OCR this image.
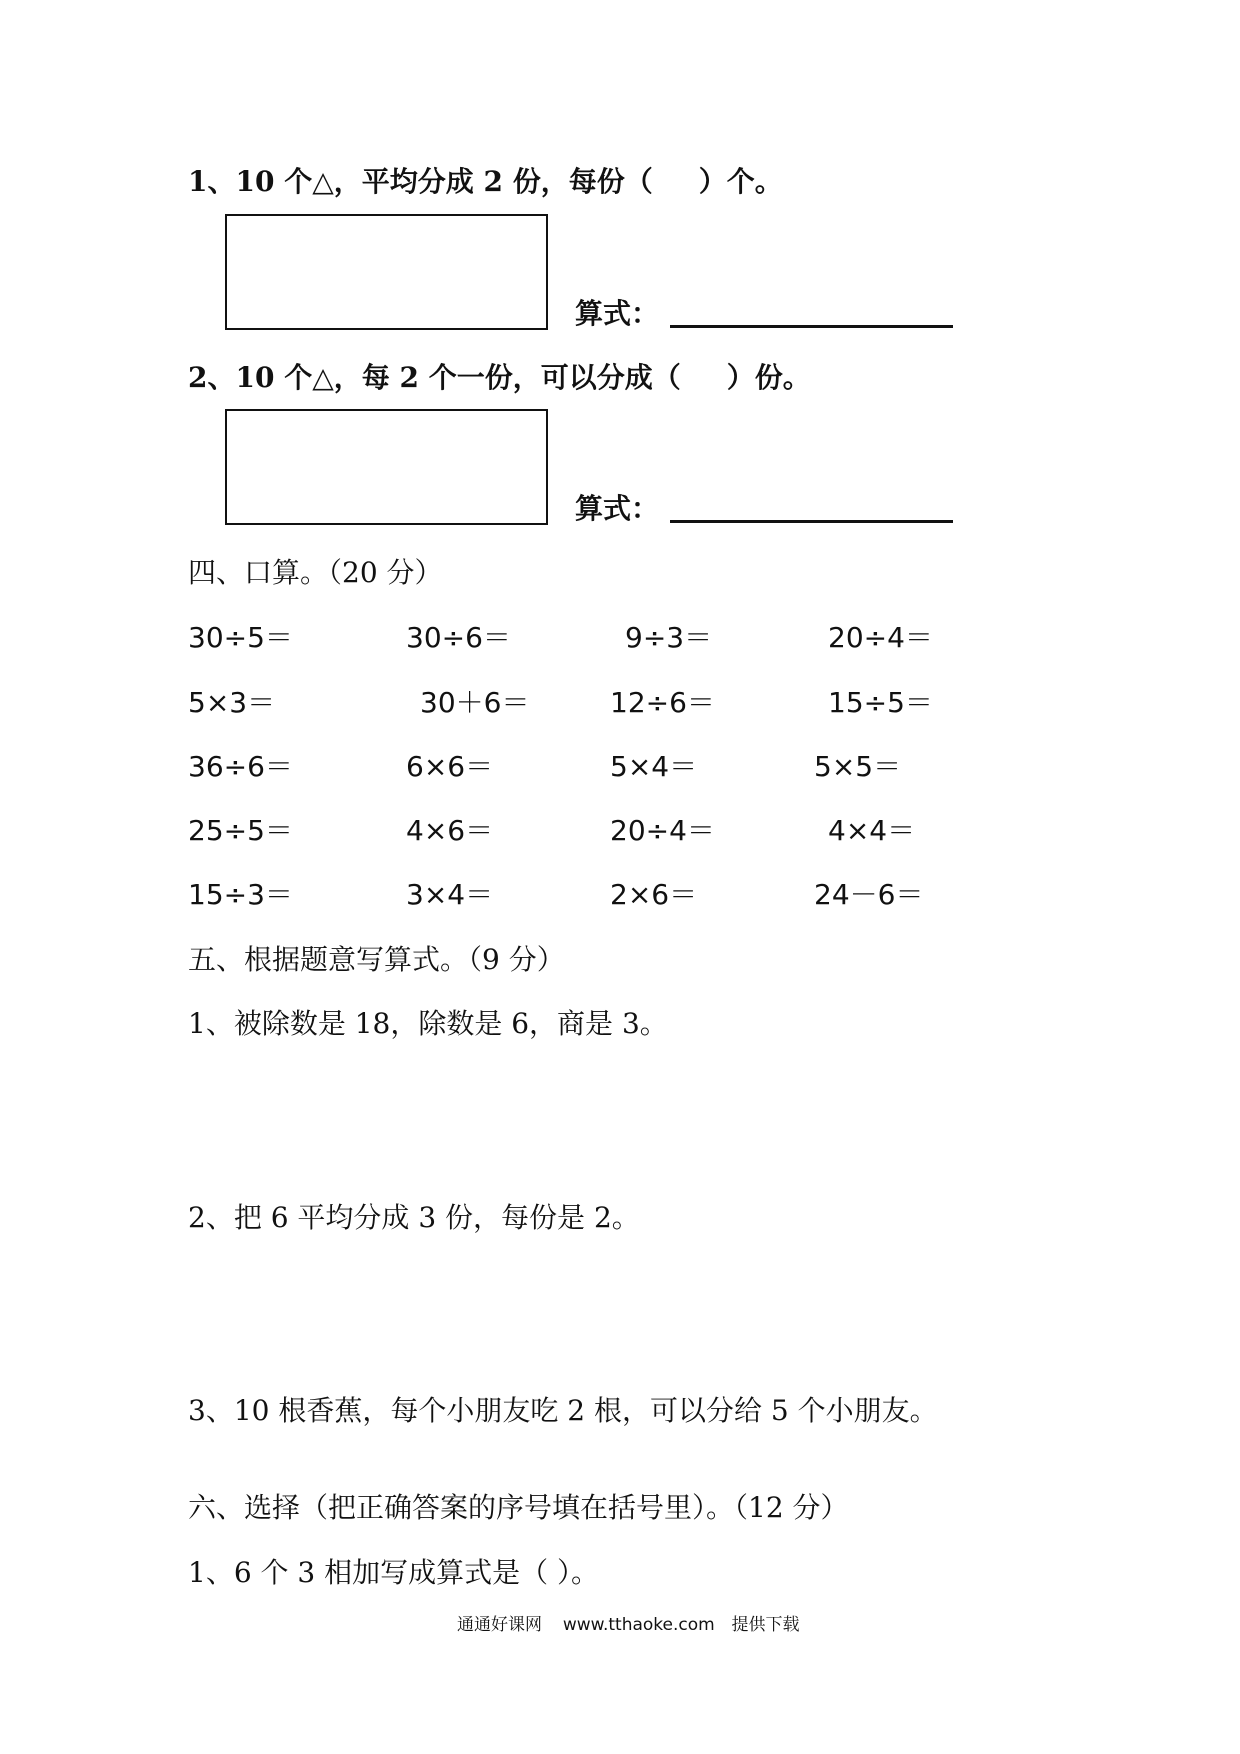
1、10 个△，平均分成 2 份，每份（ ）个。
算式：
2、10 个△，每 2 个一份，可以分成（ ）份。
算式：
四、口算。（20 分）
30÷5＝	30÷6＝	9÷3＝	20÷4＝
5×3＝	30＋6＝	12÷6＝	15÷5＝
36÷6＝	6×6＝	5×4＝	5×5＝
25÷5＝	4×6＝	20÷4＝	4×4＝
15÷3＝	3×4＝	2×6＝	24－6＝
五、根据题意写算式。（9 分）
1、被除数是 18，除数是 6，商是 3。
2、把 6 平均分成 3 份，每份是 2。
3、10 根香蕉，每个小朋友吃 2 根，可以分给 5 个小朋友。
六、选择（把正确答案的序号填在括号里）。（12 分）
1、6 个 3 相加写成算式是（ ）。
通通好课网 www.tthaoke.com 提供下载
